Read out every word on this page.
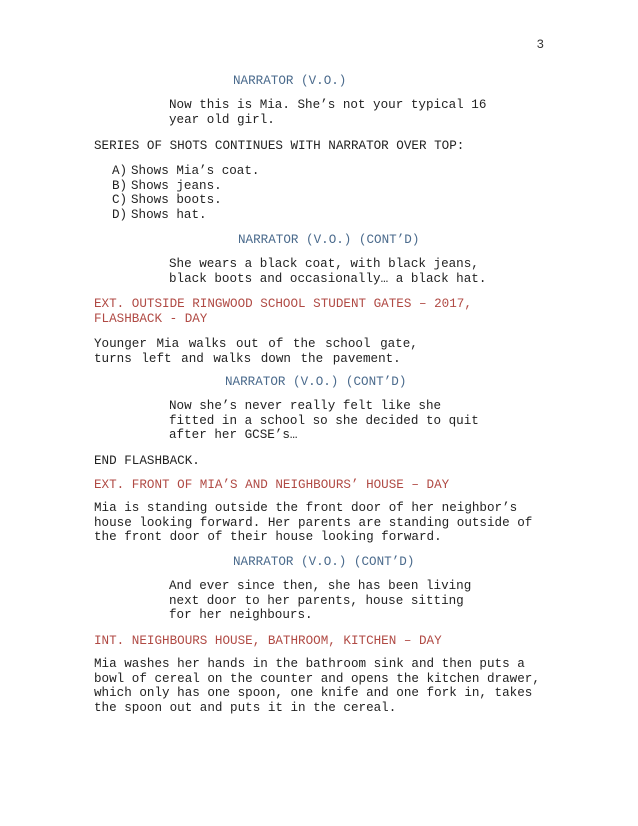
3
NARRATOR (V.O.)
Now this is Mia. She’s not your typical 16
year old girl.
SERIES OF SHOTS CONTINUES WITH NARRATOR OVER TOP:
A) Shows Mia’s coat.
B) Shows jeans.
C) Shows boots.
D) Shows hat.
NARRATOR (V.O.) (CONT’D)
She wears a black coat, with black jeans,
black boots and occasionally… a black hat.
EXT. OUTSIDE RINGWOOD SCHOOL STUDENT GATES – 2017,
FLASHBACK - DAY
Younger Mia walks out of the school gate,
turns left and walks down the pavement.
NARRATOR (V.O.) (CONT’D)
Now she’s never really felt like she
fitted in a school so she decided to quit
after her GCSE’s…
END FLASHBACK.
EXT. FRONT OF MIA’S AND NEIGHBOURS’ HOUSE – DAY
Mia is standing outside the front door of her neighbor’s
house looking forward. Her parents are standing outside of
the front door of their house looking forward.
NARRATOR (V.O.) (CONT’D)
And ever since then, she has been living
next door to her parents, house sitting
for her neighbours.
INT. NEIGHBOURS HOUSE, BATHROOM, KITCHEN – DAY
Mia washes her hands in the bathroom sink and then puts a
bowl of cereal on the counter and opens the kitchen drawer,
which only has one spoon, one knife and one fork in, takes
the spoon out and puts it in the cereal.
